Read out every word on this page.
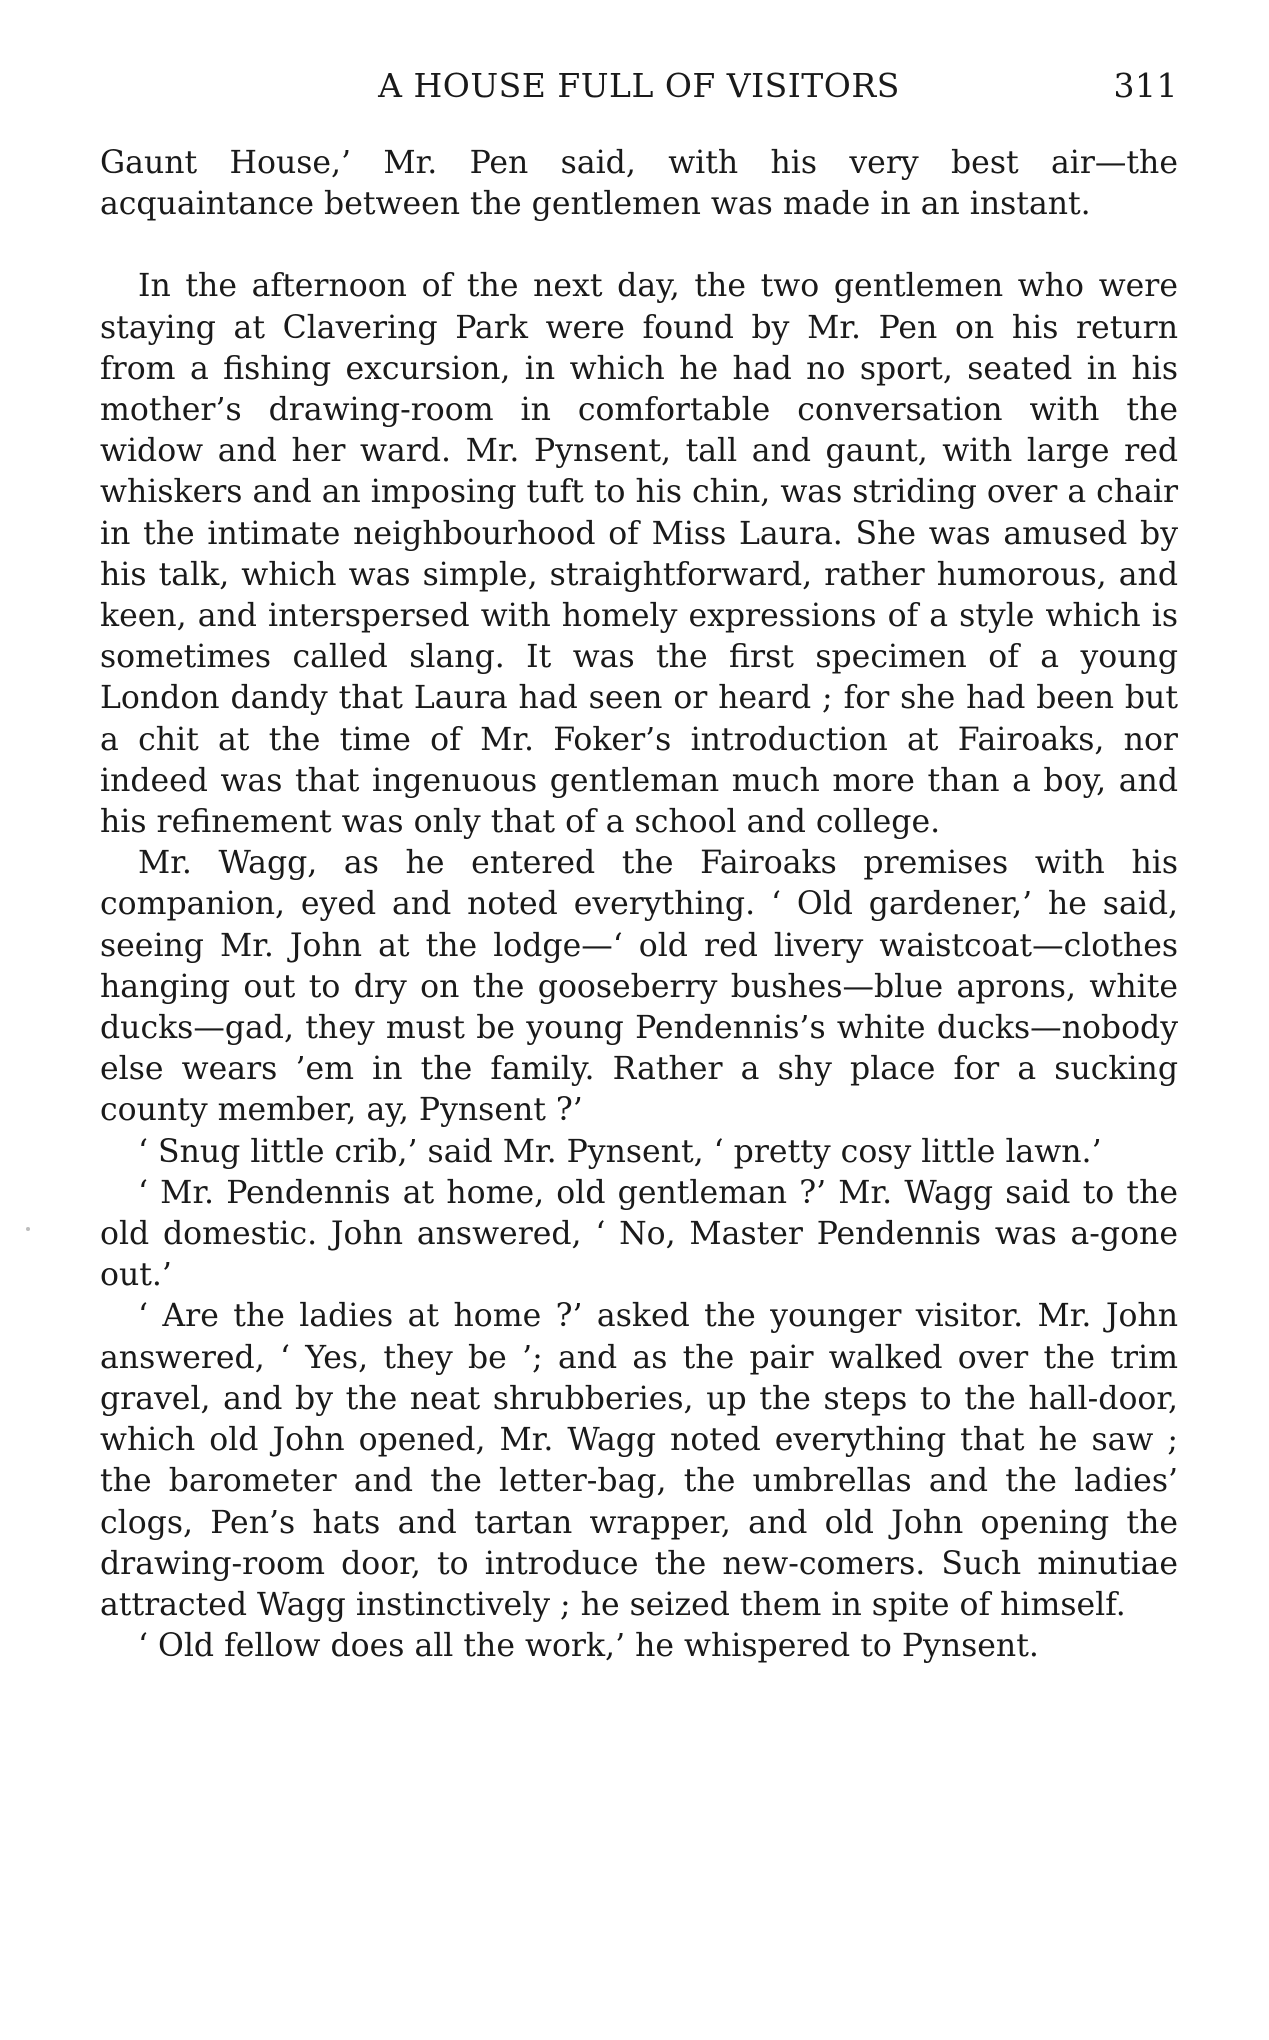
A HOUSE FULL OF VISITORS	311

Gaunt House,’ Mr. Pen said, with his very best air—the acquaintance between the gentlemen was made in an instant.

In the afternoon of the next day, the two gentlemen who were staying at Clavering Park were found by Mr. Pen on his return from a fishing excursion, in which he had no sport, seated in his mother’s drawing-room in comfortable conversation with the widow and her ward. Mr. Pynsent, tall and gaunt, with large red whiskers and an imposing tuft to his chin, was striding over a chair in the intimate neighbourhood of Miss Laura. She was amused by his talk, which was simple, straightforward, rather humorous, and keen, and interspersed with homely expressions of a style which is sometimes called slang. It was the first specimen of a young London dandy that Laura had seen or heard ; for she had been but a chit at the time of Mr. Foker’s introduction at Fairoaks, nor indeed was that ingenuous gentleman much more than a boy, and his refinement was only that of a school and college.

Mr. Wagg, as he entered the Fairoaks premises with his companion, eyed and noted everything. ‘ Old gardener,’ he said, seeing Mr. John at the lodge—‘ old red livery waistcoat—clothes hanging out to dry on the gooseberry bushes—blue aprons, white ducks—gad, they must be young Pendennis’s white ducks—nobody else wears ’em in the family. Rather a shy place for a sucking county member, ay, Pynsent ?’

‘ Snug little crib,’ said Mr. Pynsent, ‘ pretty cosy little lawn.’

‘ Mr. Pendennis at home, old gentleman ?’ Mr. Wagg said to the old domestic. John answered, ‘ No, Master Pendennis was a-gone out.’

‘ Are the ladies at home ?’ asked the younger visitor. Mr. John answered, ‘ Yes, they be ’; and as the pair walked over the trim gravel, and by the neat shrubberies, up the steps to the hall-door, which old John opened, Mr. Wagg noted everything that he saw ; the barometer and the letter-bag, the umbrellas and the ladies’ clogs, Pen’s hats and tartan wrapper, and old John opening the drawing-room door, to introduce the new-comers. Such minutiae attracted Wagg instinctively ; he seized them in spite of himself.

‘ Old fellow does all the work,’ he whispered to Pynsent.
